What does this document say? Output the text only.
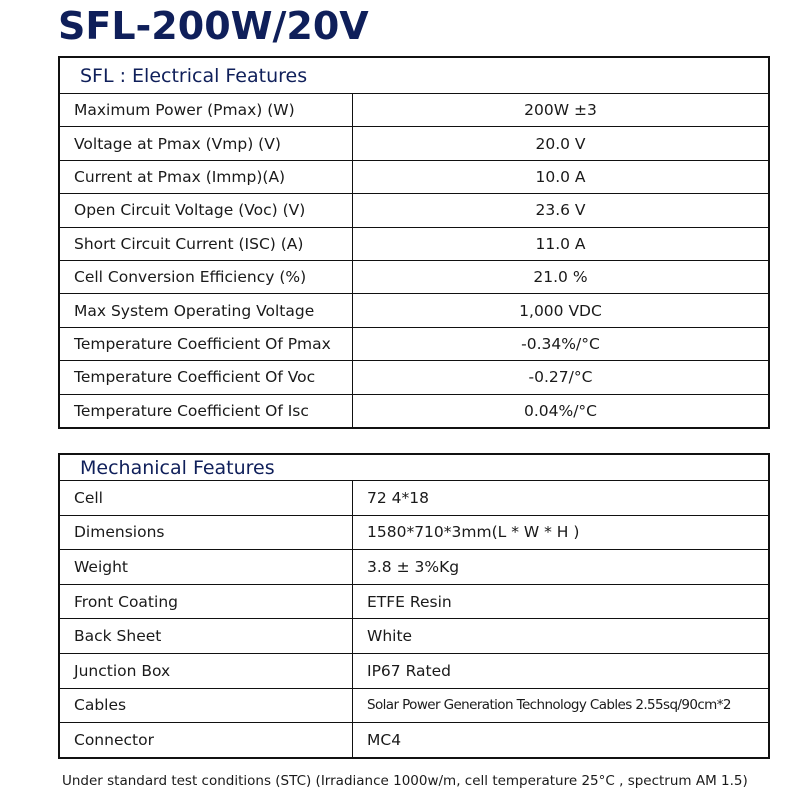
SFL-200W/20V
SFL : Electrical Features	
Maximum Power (Pmax) (W)	200W ±3
Voltage at Pmax (Vmp) (V)	20.0 V
Current at Pmax (Immp)(A)	10.0 A
Open Circuit Voltage (Voc) (V)	23.6 V
Short Circuit Current (ISC) (A)	11.0 A
Cell Conversion Efficiency (%)	21.0 %
Max System Operating Voltage	1,000 VDC
Temperature Coefficient Of Pmax	-0.34%/°C
Temperature Coefficient Of Voc	-0.27/°C
Temperature Coefficient Of Isc	0.04%/°C
Mechanical Features	
Cell	72 4*18
Dimensions	1580*710*3mm(L * W * H )
Weight	3.8 ± 3%Kg
Front Coating	ETFE Resin
Back Sheet	White
Junction Box	IP67 Rated
Cables	Solar Power Generation Technology Cables 2.55sq/90cm*2
Connector	MC4
Under standard test conditions (STC) (Irradiance 1000w/m, cell temperature 25°C , spectrum AM 1.5)
